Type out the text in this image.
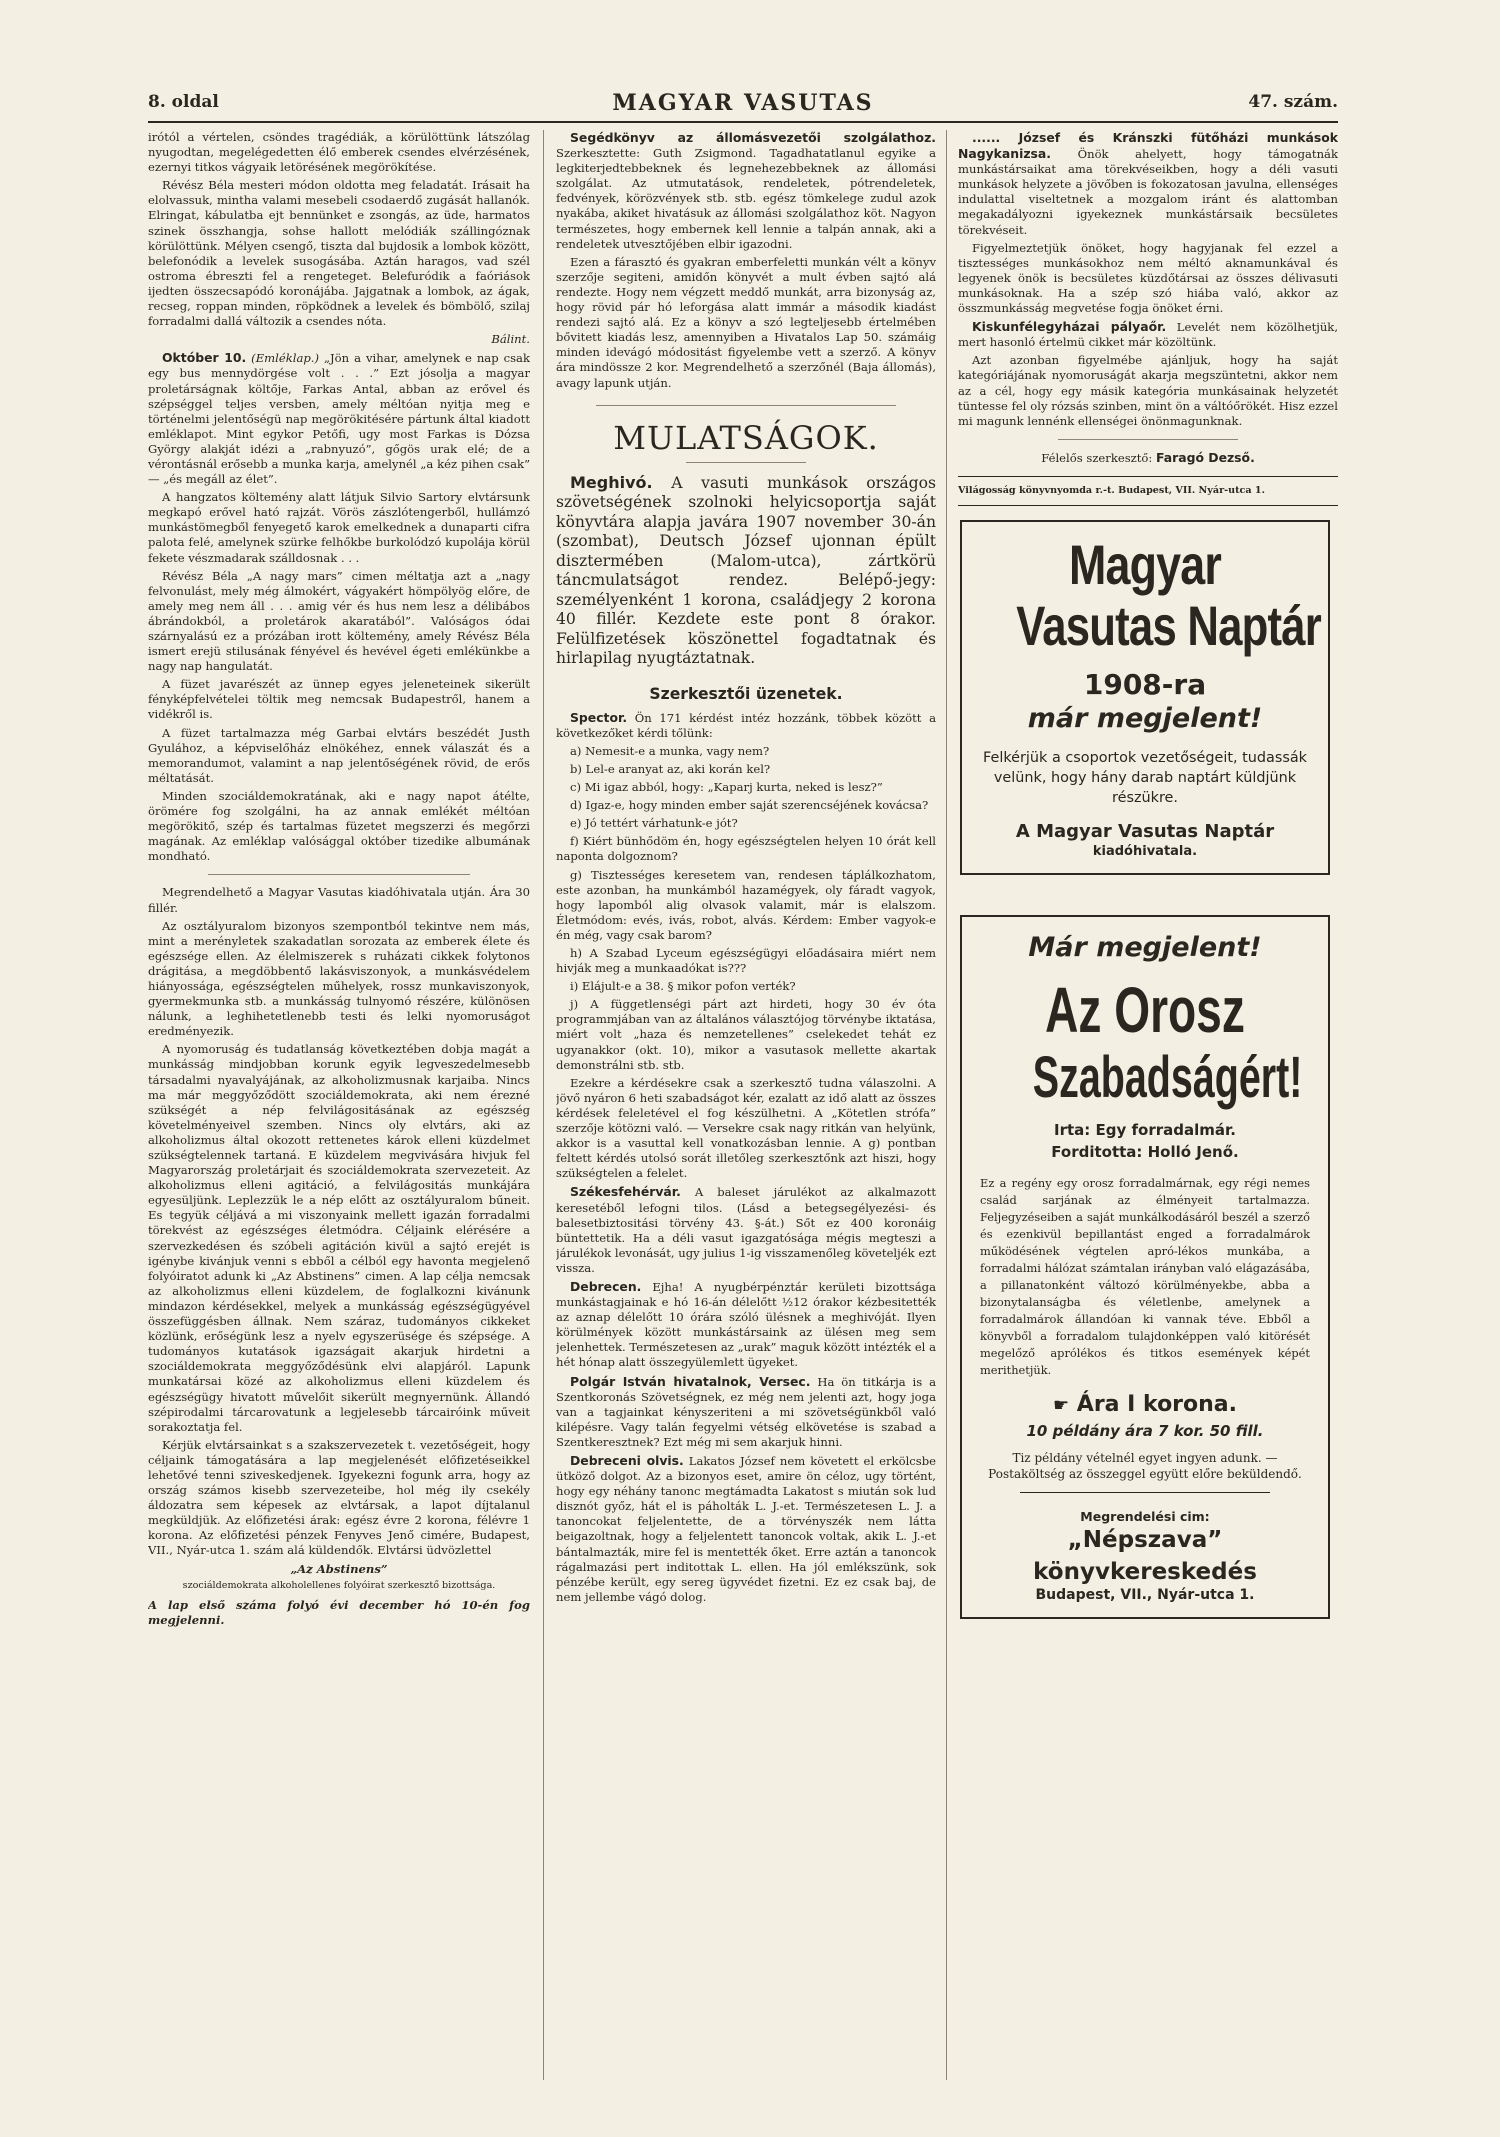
8. oldal	MAGYAR VASUTAS	47. szám.

irótól a vértelen, csöndes tragédiák, a körülöttünk látszólag nyugodtan, megelégedetten élő emberek csendes elvérzésének, ezernyi titkos vágyaik letörésének megörökítése.

Révész Béla mesteri módon oldotta meg feladatát. Irásait ha elolvassuk, mintha valami mesebeli csodaerdő zugását hallanók. Elringat, kábulatba ejt bennünket e zsongás, az üde, harmatos szinek összhangja, sohse hallott melódiák szállingóznak körülöttünk. Mélyen csengő, tiszta dal bujdosik a lombok között, belefonódik a levelek susogásába. Aztán haragos, vad szél ostroma ébreszti fel a rengeteget. Belefuródik a faóriások ijedten összecsapódó koronájába. Jajgatnak a lombok, az ágak, recseg, roppan minden, röpködnek a levelek és bömbölő, szilaj forradalmi dallá változik a csendes nóta.

Bálint.

Október 10. (Emléklap.) „Jön a vihar, amelynek e nap csak egy bus mennydörgése volt . . .” Ezt jósolja a magyar proletárságnak költője, Farkas Antal, abban az erővel és szépséggel teljes versben, amely méltóan nyitja meg e történelmi jelentőségü nap megörökitésére pártunk által kiadott emléklapot. Mint egykor Petőfi, ugy most Farkas is Dózsa György alakját idézi a „rabnyuzó”, gőgös urak elé; de a vérontásnál erősebb a munka karja, amelynél „a kéz pihen csak” — „és megáll az élet”.

A hangzatos költemény alatt látjuk Silvio Sartory elvtársunk megkapó erővel ható rajzát. Vörös zászlótengerből, hullámzó munkástömegből fenyegető karok emelkednek a dunaparti cifra palota felé, amelynek szürke felhőkbe burkolódzó kupolája körül fekete vészmadarak szálldosnak . . .

Révész Béla „A nagy mars” cimen méltatja azt a „nagy felvonulást, mely még álmokért, vágyakért hömpölyög előre, de amely meg nem áll . . . amig vér és hus nem lesz a délibábos ábrándokból, a proletárok akaratából”. Valóságos ódai szárnyalású ez a prózában irott költemény, amely Révész Béla ismert erejü stilusának fényével és hevével égeti emlékünkbe a nagy nap hangulatát.

A füzet javarészét az ünnep egyes jeleneteinek sikerült fényképfelvételei töltik meg nemcsak Budapestről, hanem a vidékről is.

A füzet tartalmazza még Garbai elvtárs beszédét Justh Gyulához, a képviselőház elnökéhez, ennek válaszát és a memorandumot, valamint a nap jelentőségének rövid, de erős méltatását.

Minden szociáldemokratának, aki e nagy napot átélte, örömére fog szolgálni, ha az annak emlékét méltóan megörökitő, szép és tartalmas füzetet megszerzi és megőrzi magának. Az emléklap valósággal október tizedike albumának mondható.

Megrendelhető a Magyar Vasutas kiadóhivatala utján. Ára 30 fillér.

Az osztályuralom bizonyos szempontból tekintve nem más, mint a merényletek szakadatlan sorozata az emberek élete és egészsége ellen. Az élelmiszerek s ruházati cikkek folytonos drágitása, a megdöbbentő lakásviszonyok, a munkásvédelem hiányossága, egészségtelen műhelyek, rossz munkaviszonyok, gyermekmunka stb. a munkásság tulnyomó részére, különösen nálunk, a leghihetetlenebb testi és lelki nyomoruságot eredményezik.

A nyomoruság és tudatlanság következtében dobja magát a munkásság mindjobban korunk egyik legveszedelmesebb társadalmi nyavalyájának, az alkoholizmusnak karjaiba. Nincs ma már meggyőződött szociáldemokrata, aki nem érezné szükségét a nép felvilágositásának az egészség követelményeivel szemben. Nincs oly elvtárs, aki az alkoholizmus által okozott rettenetes károk elleni küzdelmet szükségtelennek tartaná. E küzdelem megvivására hivjuk fel Magyarország proletárjait és szociáldemokrata szervezeteit. Az alkoholizmus elleni agitáció, a felvilágositás munkájára egyesüljünk. Leplezzük le a nép előtt az osztályuralom bűneit. Es tegyük céljává a mi viszonyaink mellett igazán forradalmi törekvést az egészséges életmódra. Céljaink elérésére a szervezkedésen és szóbeli agitáción kivül a sajtó erejét is igénybe kivánjuk venni s ebből a célból egy havonta megjelenő folyóiratot adunk ki „Az Abstinens” cimen. A lap célja nemcsak az alkoholizmus elleni küzdelem, de foglalkozni kivánunk mindazon kérdésekkel, melyek a munkásság egészségügyével összefüggésben állnak. Nem száraz, tudományos cikkeket közlünk, erőségünk lesz a nyelv egyszerüsége és szépsége. A tudományos kutatások igazságait akarjuk hirdetni a szociáldemokrata meggyőződésünk elvi alapjáról. Lapunk munkatársai közé az alkoholizmus elleni küzdelem és egészségügy hivatott művelőit sikerült megnyernünk. Állandó szépirodalmi tárcarovatunk a legjelesebb tárcairóink műveit sorakoztatja fel.

Kérjük elvtársainkat s a szakszervezetek t. vezetőségeit, hogy céljaink támogatására a lap megjelenését előfizetéseikkel lehetővé tenni sziveskedjenek. Igyekezni fogunk arra, hogy az ország számos kisebb szervezeteibe, hol még ily csekély áldozatra sem képesek az elvtársak, a lapot díjtalanul megküldjük. Az előfizetési árak: egész évre 2 korona, félévre 1 korona. Az előfizetési pénzek Fenyves Jenő cimére, Budapest, VII., Nyár-utca 1. szám alá küldendők. Elvtársi üdvözlettel

„Az Abstinens”

szociáldemokrata alkoholellenes folyóirat szerkesztő bizottsága.

A lap első száma folyó évi december hó 10-én fog megjelenni.

Segédkönyv az állomásvezetői szolgálathoz. Szerkesztette: Guth Zsigmond. Tagadhatatlanul egyike a legkiterjedtebbeknek és legnehezebbeknek az állomási szolgálat. Az utmutatások, rendeletek, pótrendeletek, fedvények, körözvények stb. stb. egész tömkelege zudul azok nyakába, akiket hivatásuk az állomási szolgálathoz köt. Nagyon természetes, hogy embernek kell lennie a talpán annak, aki a rendeletek utvesztőjében elbir igazodni.

Ezen a fárasztó és gyakran emberfeletti munkán vélt a könyv szerzője segiteni, amidőn könyvét a mult évben sajtó alá rendezte. Hogy nem végzett meddő munkát, arra bizonyság az, hogy rövid pár hó leforgása alatt immár a második kiadást rendezi sajtó alá. Ez a könyv a szó legteljesebb értelmében bővitett kiadás lesz, amennyiben a Hivatalos Lap 50. számáig minden idevágó módositást figyelembe vett a szerző. A könyv ára mindössze 2 kor. Megrendelhető a szerzőnél (Baja állomás), avagy lapunk utján.

MULATSÁGOK.

Meghivó. A vasuti munkások országos szövetségének szolnoki helyicsoportja saját könyvtára alapja javára 1907 november 30-án (szombat), Deutsch József ujonnan épült disztermében (Malom-utca), zártkörü táncmulatságot rendez. Belépő-jegy: személyenként 1 korona, családjegy 2 korona 40 fillér. Kezdete este pont 8 órakor. Felülfizetések köszönettel fogadtatnak és hirlapilag nyugtáztatnak.

Szerkesztői üzenetek.

Spector. Ön 171 kérdést intéz hozzánk, többek között a következőket kérdi tőlünk:

a) Nemesit-e a munka, vagy nem?

b) Lel-e aranyat az, aki korán kel?

c) Mi igaz abból, hogy: „Kaparj kurta, neked is lesz?”

d) Igaz-e, hogy minden ember saját szerencséjének kovácsa?

e) Jó tettért várhatunk-e jót?

f) Kiért bünhődöm én, hogy egészségtelen helyen 10 órát kell naponta dolgoznom?

g) Tisztességes keresetem van, rendesen táplálkozhatom, este azonban, ha munkámból hazamégyek, oly fáradt vagyok, hogy lapomból alig olvasok valamit, már is elalszom. Életmódom: evés, ivás, robot, alvás. Kérdem: Ember vagyok-e én még, vagy csak barom?

h) A Szabad Lyceum egészségügyi előadásaira miért nem hivják meg a munkaadókat is???

i) Elájult-e a 38. § mikor pofon verték?

j) A függetlenségi párt azt hirdeti, hogy 30 év óta programmjában van az általános választójog törvénybe iktatása, miért volt „haza és nemzetellenes” cselekedet tehát ez ugyanakkor (okt. 10), mikor a vasutasok mellette akartak demonstrálni stb. stb.

Ezekre a kérdésekre csak a szerkesztő tudna válaszolni. A jövő nyáron 6 heti szabadságot kér, ezalatt az idő alatt az összes kérdések feleletével el fog készülhetni. A „Kötetlen strófa” szerzője kötözni való. — Versekre csak nagy ritkán van helyünk, akkor is a vasuttal kell vonatkozásban lennie. A g) pontban feltett kérdés utolsó sorát illetőleg szerkesztőnk azt hiszi, hogy szükségtelen a felelet.

Székesfehérvár. A baleset járulékot az alkalmazott keresetéből lefogni tilos. (Lásd a betegsegélyezési- és balesetbiztositási törvény 43. §-át.) Sőt ez 400 koronáig büntettetik. Ha a déli vasut igazgatósága mégis megteszi a járulékok levonását, ugy julius 1-ig visszamenőleg követeljék ezt vissza.

Debrecen. Ejha! A nyugbérpénztár kerületi bizottsága munkástagjainak e hó 16-án délelőtt ½12 órakor kézbesitették az aznap délelőtt 10 órára szóló ülésnek a meghivóját. Ilyen körülmények között munkástársaink az ülésen meg sem jelenhettek. Természetesen az „urak” maguk között intézték el a hét hónap alatt összegyülemlett ügyeket.

Polgár István hivatalnok, Versec. Ha ön titkárja is a Szentkoronás Szövetségnek, ez még nem jelenti azt, hogy joga van a tagjainkat kényszeriteni a mi szövetségünkből való kilépésre. Vagy talán fegyelmi vétség elkövetése is szabad a Szentkeresztnek? Ezt még mi sem akarjuk hinni.

Debreceni olvis. Lakatos József nem követett el erkölcsbe ütköző dolgot. Az a bizonyos eset, amire ön céloz, ugy történt, hogy egy néhány tanonc megtámadta Lakatost s miután sok lud disznót győz, hát el is páholták L. J.-et. Természetesen L. J. a tanoncokat feljelentette, de a törvényszék nem látta beigazoltnak, hogy a feljelentett tanoncok voltak, akik L. J.-et bántalmazták, mire fel is mentették őket. Erre aztán a tanoncok rágalmazási pert inditottak L. ellen. Ha jól emlékszünk, sok pénzébe került, egy sereg ügyvédet fizetni. Ez ez csak baj, de nem jellembe vágó dolog.

...... József és Kránszki fütőházi munkások Nagykanizsa. Önök ahelyett, hogy támogatnák munkástársaikat ama törekvéseikben, hogy a déli vasuti munkások helyzete a jövőben is fokozatosan javulna, ellenséges indulattal viseltetnek a mozgalom iránt és alattomban megakadályozni igyekeznek munkástársaik becsületes törekvéseit.

Figyelmeztetjük önöket, hogy hagyjanak fel ezzel a tisztességes munkásokhoz nem méltó aknamunkával és legyenek önök is becsületes küzdőtársai az összes délivasuti munkásoknak. Ha a szép szó hiába való, akkor az összmunkásság megvetése fogja önöket érni.

Kiskunfélegyházai pályaőr. Levelét nem közölhetjük, mert hasonló értelmü cikket már közöltünk.

Azt azonban figyelmébe ajánljuk, hogy ha saját kategóriájának nyomoruságát akarja megszüntetni, akkor nem az a cél, hogy egy másik kategória munkásainak helyzetét tüntesse fel oly rózsás szinben, mint ön a váltóőrökét. Hisz ezzel mi magunk lennénk ellenségei önönmagunknak.

Félelős szerkesztő: Faragó Dezső.

Világosság könyvnyomda r.-t. Budapest, VII. Nyár-utca 1.

Magyar
Vasutas Naptár
1908-ra
már megjelent!
Felkérjük a csoportok vezetőségeit, tudassák velünk, hogy hány darab naptárt küldjünk részükre.
A Magyar Vasutas Naptár
kiadóhivatala.
Már megjelent!
Az Orosz
Szabadságért!
Irta: Egy forradalmár.
Forditotta: Holló Jenő.
Ez a regény egy orosz forradalmárnak, egy régi nemes család sarjának az élményeit tartalmazza. Feljegyzéseiben a saját munkálkodásáról beszél a szerző és ezenkivül bepillantást enged a forradalmárok működésének végtelen apró-lékos munkába, a forradalmi hálózat számtalan irányban való elágazásába, a pillanatonként változó körülményekbe, abba a bizonytalanságba és véletlenbe, amelynek a forradalmárok állandóan ki vannak téve. Ebből a könyvből a forradalom tulajdonképpen való kitörését megelőző aprólékos és titkos események képét merithetjük.
☛ Ára I korona.
10 példány ára 7 kor. 50 fill.
Tiz példány vételnél egyet ingyen adunk. — Postaköltség az összeggel együtt előre beküldendő.
Megrendelési cim:
„Népszava” könyvkereskedés
Budapest, VII., Nyár-utca 1.
